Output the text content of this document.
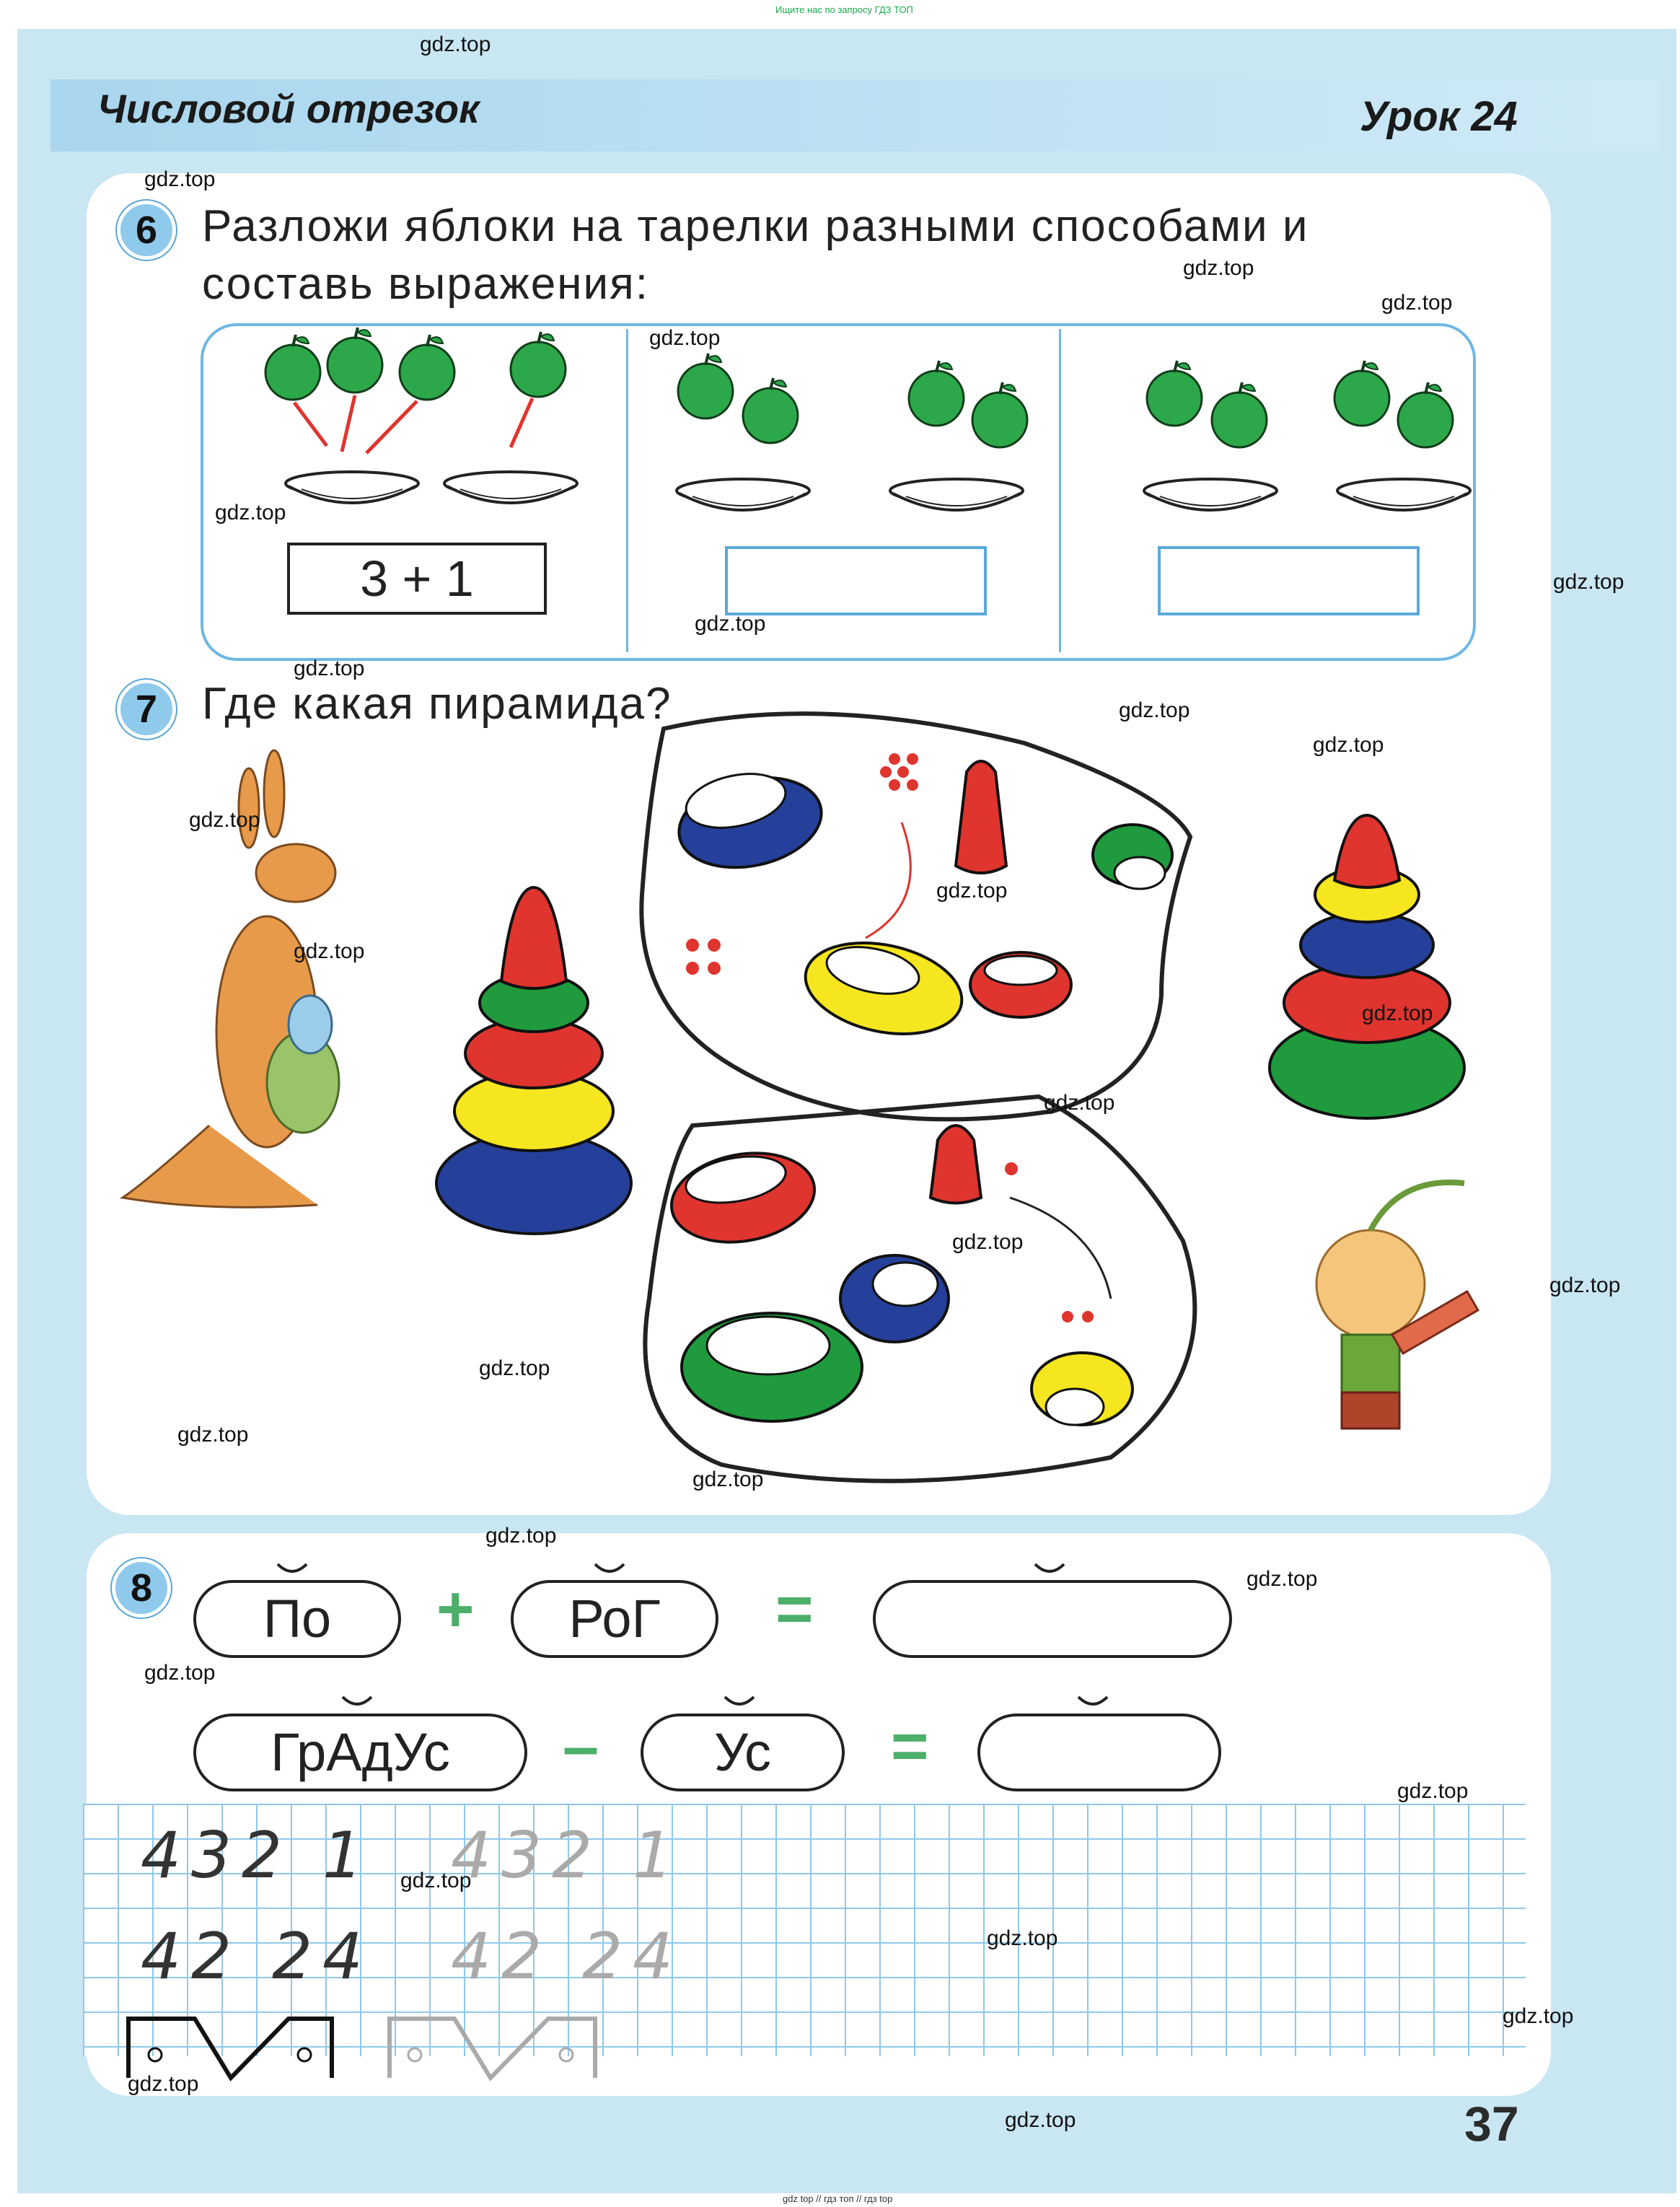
Ищите нас по запросу ГДЗ ТОП
Числовой отрезок	Урок 24
6 Разложи яблоки на тарелки разными способами и
составь выражения:
3 + 1
7 Где какая пирамида?
8
По	+	РоГ	=
ГрАдУс	–	Ус	=
432 1 432 1
42 24 42 24
37
gdz.top
gdz.top
gdz.top
gdz.top
gdz.top
gdz.top
gdz.top
gdz.top
gdz.top
gdz.top
gdz.top
gdz.top
gdz.top
gdz.top
gdz.top
gdz.top
gdz.top
gdz.top
gdz.top
gdz.top
gdz.top
gdz.top
gdz.top
gdz.top
gdz.top
gdz.top
gdz.top
gdz.top
gdz.top
gdz.top
gdz top // гдз топ // гдз top
